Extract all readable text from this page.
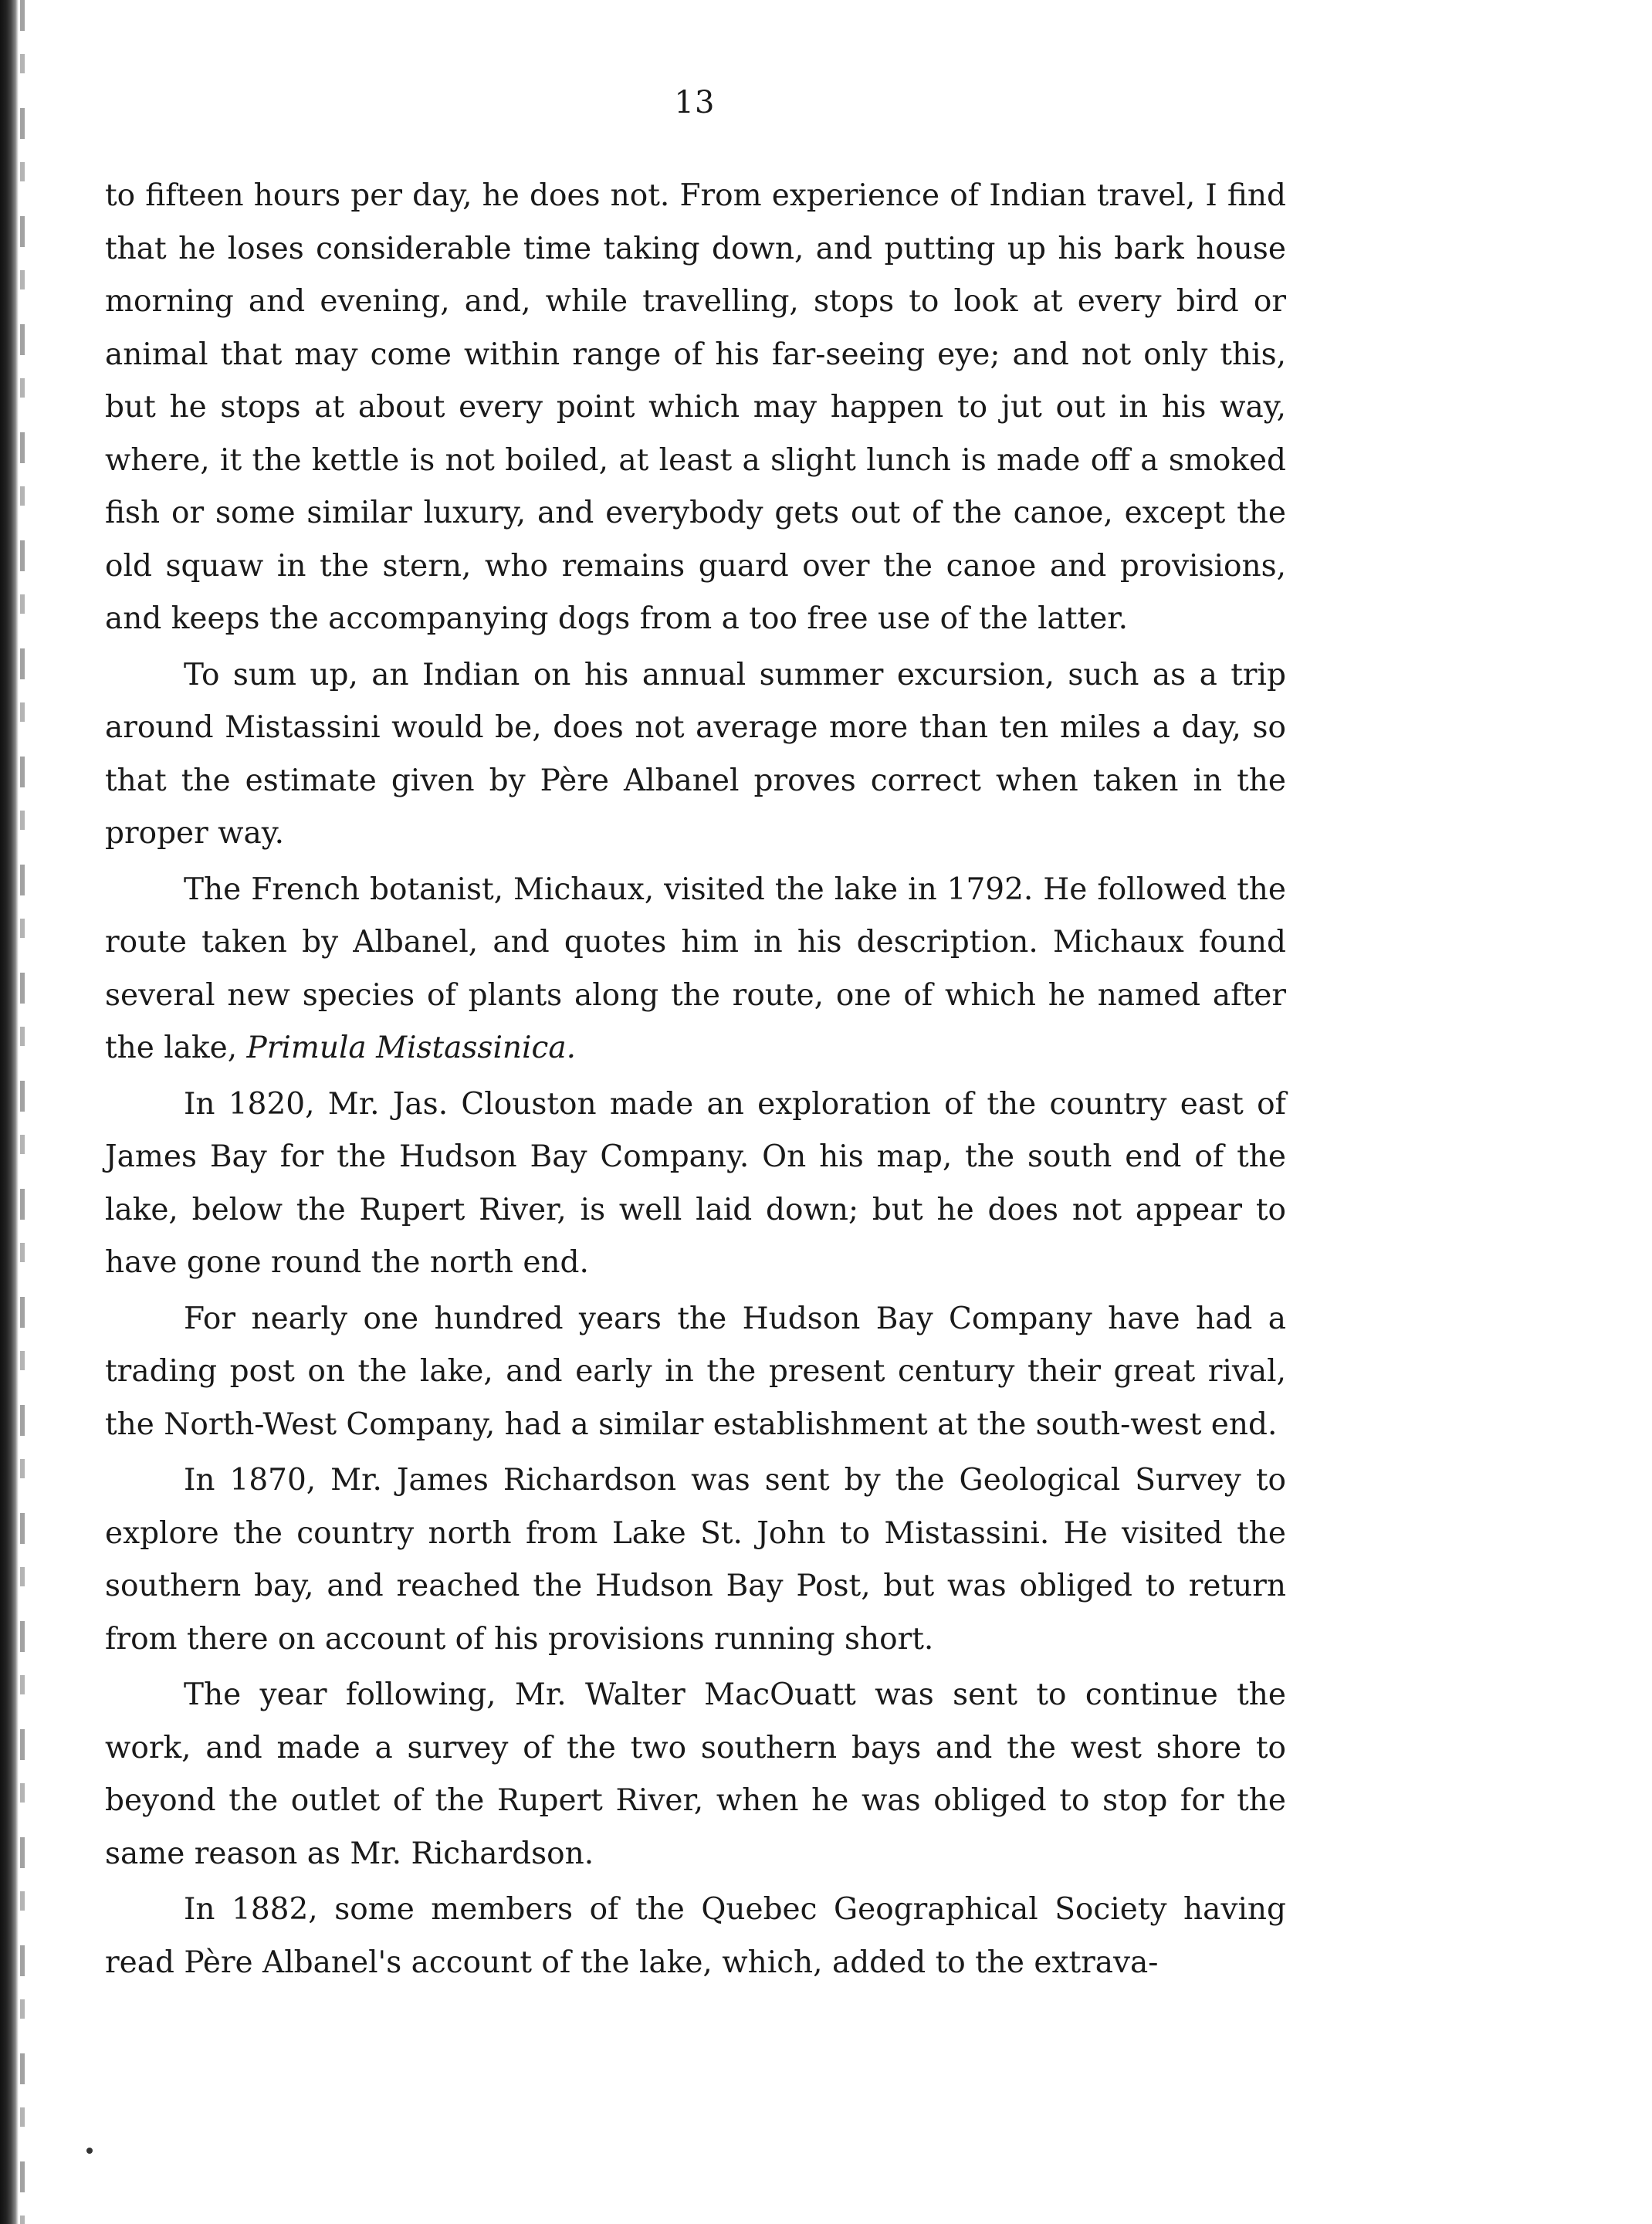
13

to fifteen hours per day, he does not. From experience of Indian travel, I find that he loses considerable time taking down, and putting up his bark house morning and evening, and, while travelling, stops to look at every bird or animal that may come within range of his far-seeing eye; and not only this, but he stops at about every point which may happen to jut out in his way, where, it the kettle is not boiled, at least a slight lunch is made off a smoked fish or some similar luxury, and everybody gets out of the canoe, except the old squaw in the stern, who remains guard over the canoe and provisions, and keeps the accompanying dogs from a too free use of the latter.

To sum up, an Indian on his annual summer excursion, such as a trip around Mistassini would be, does not average more than ten miles a day, so that the estimate given by Père Albanel proves correct when taken in the proper way.

The French botanist, Michaux, visited the lake in 1792. He followed the route taken by Albanel, and quotes him in his description. Michaux found several new species of plants along the route, one of which he named after the lake, Primula Mistassinica.

In 1820, Mr. Jas. Clouston made an exploration of the country east of James Bay for the Hudson Bay Company. On his map, the south end of the lake, below the Rupert River, is well laid down; but he does not appear to have gone round the north end.

For nearly one hundred years the Hudson Bay Company have had a trading post on the lake, and early in the present century their great rival, the North-West Company, had a similar establishment at the south-west end.

In 1870, Mr. James Richardson was sent by the Geological Survey to explore the country north from Lake St. John to Mistassini. He visited the southern bay, and reached the Hudson Bay Post, but was obliged to return from there on account of his provisions running short.

The year following, Mr. Walter MacOuatt was sent to continue the work, and made a survey of the two southern bays and the west shore to beyond the outlet of the Rupert River, when he was obliged to stop for the same reason as Mr. Richardson.

In 1882, some members of the Quebec Geographical Society having read Père Albanel's account of the lake, which, added to the extrava-
